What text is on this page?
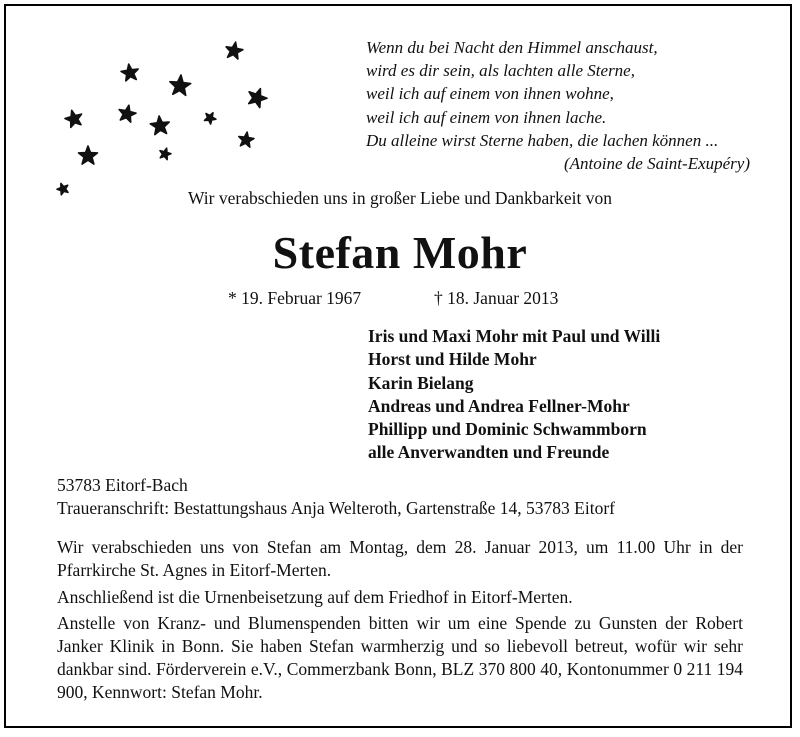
Wenn du bei Nacht den Himmel anschaust,
wird es dir sein, als lachten alle Sterne,
weil ich auf einem von ihnen wohne,
weil ich auf einem von ihnen lache.
Du alleine wirst Sterne haben, die lachen können ...
(Antoine de Saint-Exupéry)
Wir verabschieden uns in großer Liebe und Dankbarkeit von
Stefan Mohr
* 19. Februar 1967	† 18. Januar 2013
Iris und Maxi Mohr mit Paul und Willi
Horst und Hilde Mohr
Karin Bielang
Andreas und Andrea Fellner-Mohr
Phillipp und Dominic Schwammborn
alle Anverwandten und Freunde
53783 Eitorf-Bach
Traueranschrift: Bestattungshaus Anja Welteroth, Gartenstraße 14, 53783 Eitorf

Wir verabschieden uns von Stefan am Montag, dem 28. Januar 2013, um 11.00 Uhr in der Pfarrkirche St. Agnes in Eitorf-Merten.

Anschließend ist die Urnenbeisetzung auf dem Friedhof in Eitorf-Merten.

Anstelle von Kranz- und Blumenspenden bitten wir um eine Spende zu Gunsten der Robert Janker Klinik in Bonn. Sie haben Stefan warmherzig und so liebevoll betreut, wofür wir sehr dankbar sind. Förderverein e.V., Commerzbank Bonn, BLZ 370 800 40, Kontonummer 0 211 194 900, Kennwort: Stefan Mohr.
